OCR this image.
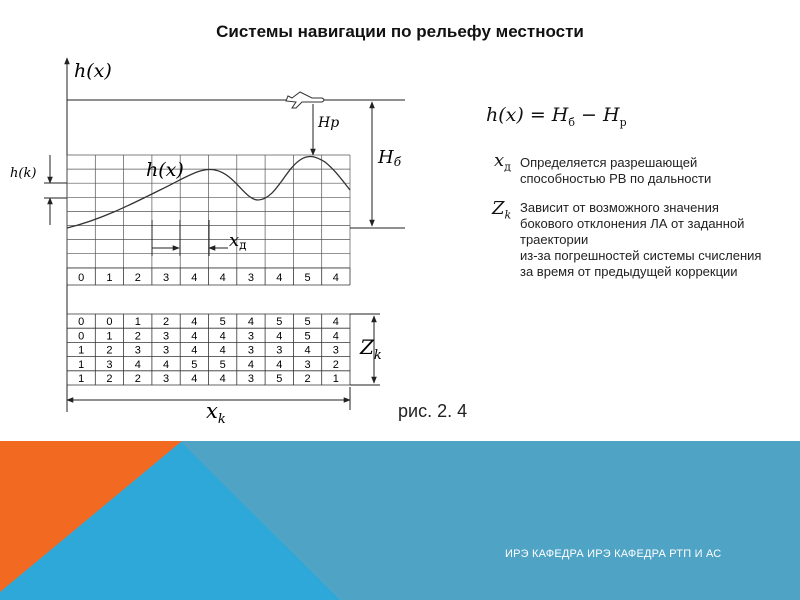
Системы навигации по рельефу местности
Hp
Hб
h(x)
h(x)
h(k)
xд
0 1 2 3 4 4 3 4 5 4
0 0 1 2 4 5 4 5 5 4
0 1 2 3 4 4 3 4 5 4
1 2 3 3 4 4 3 3 4 3
1 3 4 4 5 5 4 4 3 2
1 2 2 3 4 4 3 5 2 1
$Z_k$
$x_k$
$h(x) = H_б - H_р$
$x_д$ Определяется разрешающей способностью РВ по дальности
$Z_k$
Зависит от возможного значения бокового отклонения ЛА от заданной траектории
из-за погрешностей системы счисления за время от предыдущей коррекции
рис. 2. 4
ИРЭ КАФЕДРА ИРЭ КАФЕДРА РТП И АС
